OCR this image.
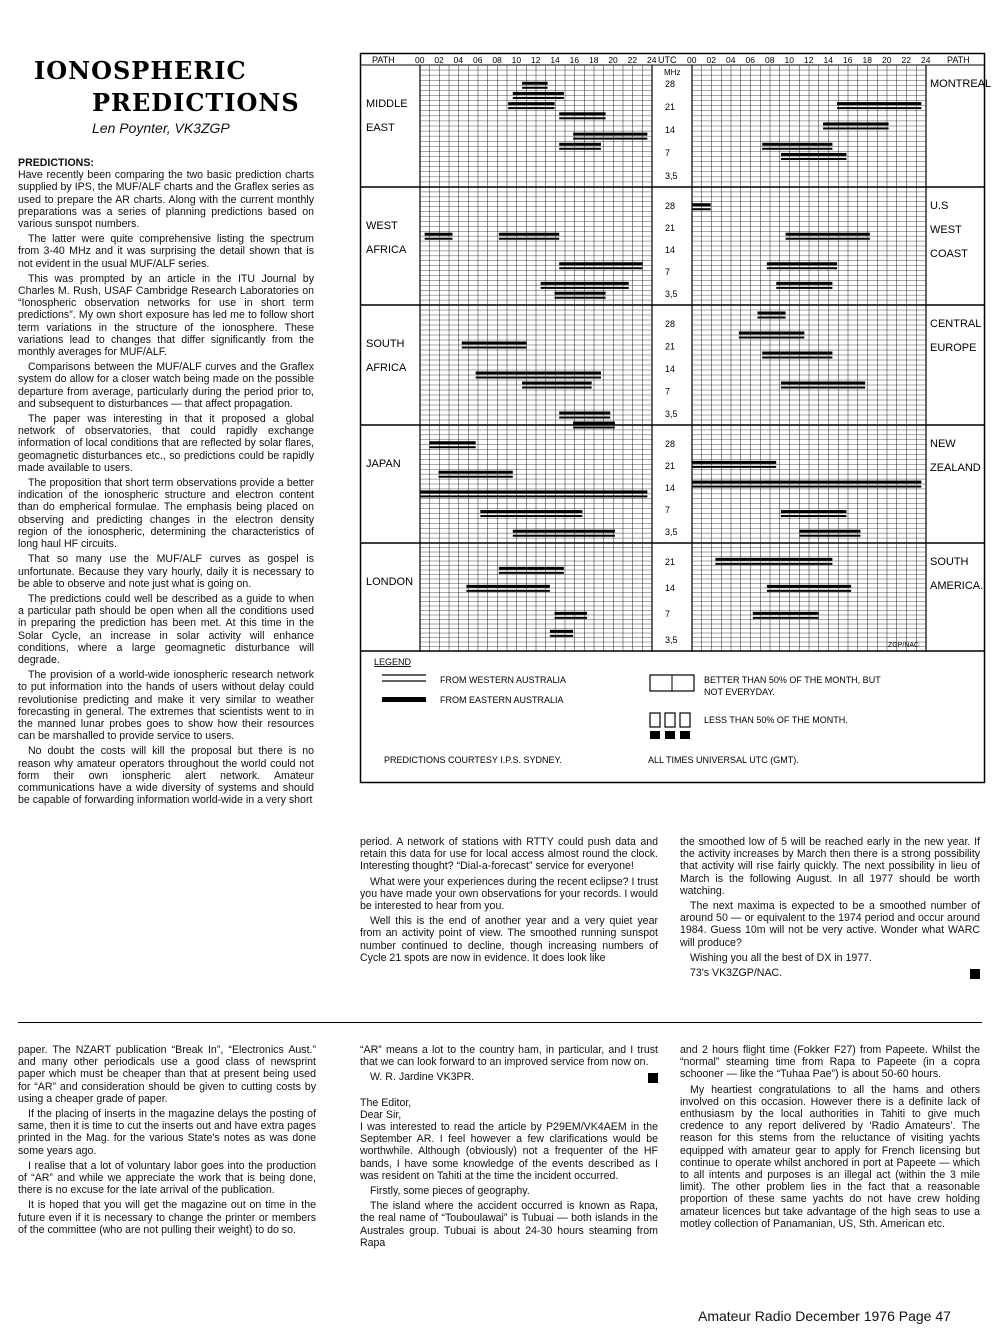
IONOSPHERIC
PREDICTIONS
Len Poynter, VK3ZGP

PREDICTIONS:

Have recently been comparing the two basic prediction charts supplied by IPS, the MUF/ALF charts and the Graflex series as used to prepare the AR charts. Along with the current monthly preparations was a series of planning predictions based on various sunspot numbers.

The latter were quite comprehensive listing the spectrum from 3-40 MHz and it was surprising the detail shown that is not evident in the usual MUF/ALF series.

This was prompted by an article in the ITU Journal by Charles M. Rush, USAF Cambridge Research Laboratories on “Ionospheric observation networks for use in short term predictions”. My own short exposure has led me to follow short term variations in the structure of the ionosphere. These variations lead to changes that differ significantly from the monthly averages for MUF/ALF.

Comparisons between the MUF/ALF curves and the Graflex system do allow for a closer watch being made on the possible departure from average, particularly during the period prior to, and subsequent to disturbances — that affect propagation.

The paper was interesting in that it proposed a global network of observatories, that could rapidly exchange information of local conditions that are reflected by solar flares, geomagnetic disturbances etc., so predictions could be rapidly made available to users.

The proposition that short term observations provide a better indication of the ionospheric structure and electron content than do empherical formulae. The emphasis being placed on observing and predicting changes in the electron density region of the ionospheric, determining the characteristics of long haul HF circuits.

That so many use the MUF/ALF curves as gospel is unfortunate. Because they vary hourly, daily it is necessary to be able to observe and note just what is going on.

The predictions could well be described as a guide to when a particular path should be open when all the conditions used in preparing the prediction has been met. At this time in the Solar Cycle, an increase in solar activity will enhance conditions, where a large geomagnetic disturbance will degrade.

The provision of a world-wide ionospheric research network to put information into the hands of users without delay could revolutionise predicting and make it very similar to weather forecasting in general. The extremes that scientists went to in the manned lunar probes goes to show how their resources can be marshalled to provide service to users.

No doubt the costs will kill the proposal but there is no reason why amateur operators throughout the world could not form their own ionspheric alert network. Amateur communications have a wide diversity of systems and should be capable of forwarding information world-wide in a very short

period. A network of stations with RTTY could push data and retain this data for use for local access almost round the clock. Interesting thought? “Dial-a-forecast” service for everyone!

What were your experiences during the recent eclipse? I trust you have made your own observations for your records. I would be interested to hear from you.

Well this is the end of another year and a very quiet year from an activity point of view. The smoothed running sunspot number continued to decline, though increasing numbers of Cycle 21 spots are now in evidence. It does look like

the smoothed low of 5 will be reached early in the new year. If the activity increases by March then there is a strong possibility that activity will rise fairly quickly. The next possibility in lieu of March is the following August. In all 1977 should be worth watching.

The next maxima is expected to be a smoothed number of around 50 — or equivalent to the 1974 period and occur around 1984. Guess 10m will not be very active. Wonder what WARC will produce?

Wishing you all the best of DX in 1977.

73's VK3ZGP/NAC.

paper. The NZART publication “Break In”, “Electronics Aust.” and many other periodicals use a good class of newsprint paper which must be cheaper than that at present being used for “AR” and consideration should be given to cutting costs by using a cheaper grade of paper.

If the placing of inserts in the magazine delays the posting of same, then it is time to cut the inserts out and have extra pages printed in the Mag. for the various State's notes as was done some years ago.

I realise that a lot of voluntary labor goes into the production of “AR” and while we appreciate the work that is being done, there is no excuse for the late arrival of the publication.

It is hoped that you will get the magazine out on time in the future even if it is necessary to change the printer or members of the committee (who are not pulling their weight) to do so.

“AR” means a lot to the country ham, in particular, and I trust that we can look forward to an improved service from now on.

W. R. Jardine VK3PR.

The Editor,

Dear Sir,

I was interested to read the article by P29EM/VK4AEM in the September AR. I feel however a few clarifications would be worthwhile. Although (obviously) not a frequenter of the HF bands, I have some knowledge of the events described as I was resident on Tahiti at the time the incident occurred.

Firstly, some pieces of geography.

The island where the accident occurred is known as Rapa, the real name of “Touboulawai” is Tubuai — both islands in the Australes group. Tubuai is about 24-30 hours steaming from Rapa

and 2 hours flight time (Fokker F27) from Papeete. Whilst the “normal” steaming time from Rapa to Papeete (in a copra schooner — like the “Tuhaa Pae”) is about 50-60 hours.

My heartiest congratulations to all the hams and others involved on this occasion. However there is a definite lack of enthusiasm by the local authorities in Tahiti to give much credence to any report delivered by ‘Radio Amateurs’. The reason for this stems from the reluctance of visiting yachts equipped with amateur gear to apply for French licensing but continue to operate whilst anchored in port at Papeete — which to all intents and purposes is an illegal act (within the 3 mile limit). The other problem lies in the fact that a reasonable proportion of these same yachts do not have crew holding amateur licences but take advantage of the high seas to use a motley collection of Panamanian, US, Sth. American etc.

Amateur Radio December 1976 Page 47
PATH	PATH
UTC
00	00
02	02
04	04
06	06
08	08
10	10
12	12
14	14
16	16
18	18
20	20
22	22
24	24
MHz
28
21
14
7
3,5
MIDDLE
EAST
MONTREAL
28
21
14
7
3,5
WEST
AFRICA
U.S
WEST
COAST
28
21
14
7
3,5
SOUTH
AFRICA
CENTRAL
EUROPE
28
21
14
7
3,5
JAPAN
NEW
ZEALAND
21
14
7
3,5
LONDON
SOUTH
AMERICA.
ZGP/NAC
LEGEND
FROM WESTERN AUSTRALIA
FROM EASTERN AUSTRALIA
BETTER THAN 50% OF THE MONTH, BUT
NOT EVERYDAY.
LESS THAN 50% OF THE MONTH.
PREDICTIONS COURTESY I.P.S. SYDNEY.	ALL TIMES UNIVERSAL UTC (GMT).
